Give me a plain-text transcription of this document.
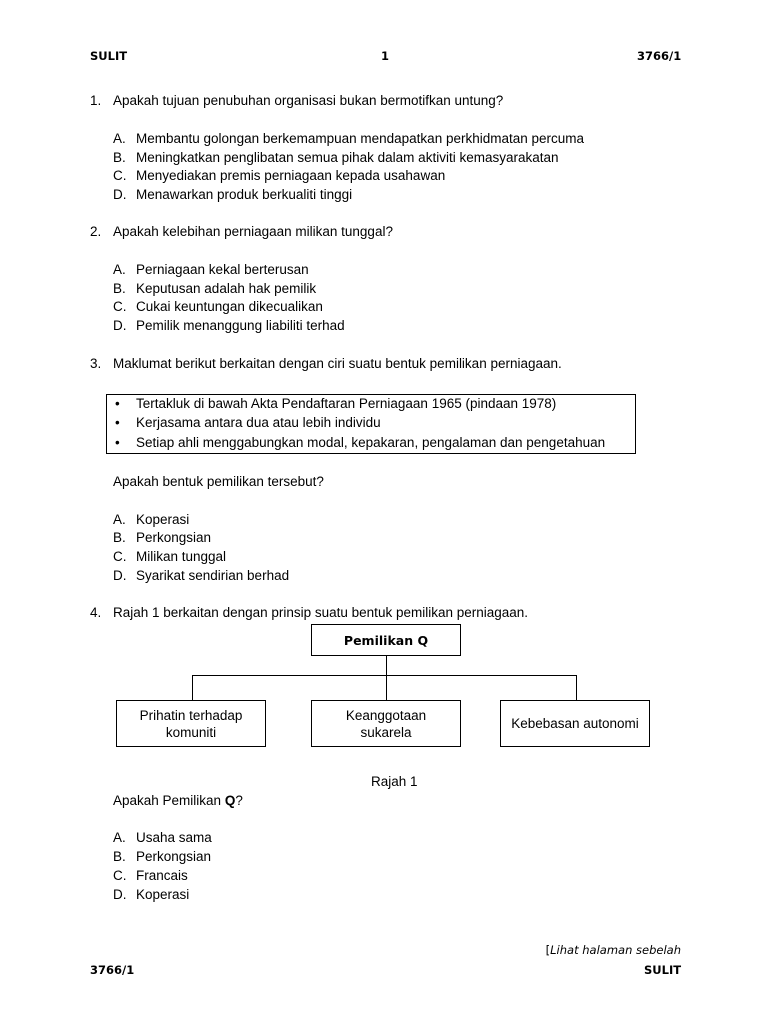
SULIT	1	3766/1
1. Apakah tujuan penubuhan organisasi bukan bermotifkan untung?
A. Membantu golongan berkemampuan mendapatkan perkhidmatan percuma
B. Meningkatkan penglibatan semua pihak dalam aktiviti kemasyarakatan
C. Menyediakan premis perniagaan kepada usahawan
D. Menawarkan produk berkualiti tinggi
2. Apakah kelebihan perniagaan milikan tunggal?
A. Perniagaan kekal berterusan
B. Keputusan adalah hak pemilik
C. Cukai keuntungan dikecualikan
D. Pemilik menanggung liabiliti terhad
3. Maklumat berikut berkaitan dengan ciri suatu bentuk pemilikan perniagaan.
• Tertakluk di bawah Akta Pendaftaran Perniagaan 1965 (pindaan 1978)
• Kerjasama antara dua atau lebih individu
• Setiap ahli menggabungkan modal, kepakaran, pengalaman dan pengetahuan
Apakah bentuk pemilikan tersebut?
A. Koperasi
B. Perkongsian
C. Milikan tunggal
D. Syarikat sendirian berhad
4. Rajah 1 berkaitan dengan prinsip suatu bentuk pemilikan perniagaan.
Pemilikan Q
Prihatin terhadap
komuniti
Keanggotaan
sukarela
Kebebasan autonomi
Rajah 1
Apakah Pemilikan Q?
A. Usaha sama
B. Perkongsian
C. Francais
D. Koperasi
[Lihat halaman sebelah
3766/1	SULIT
